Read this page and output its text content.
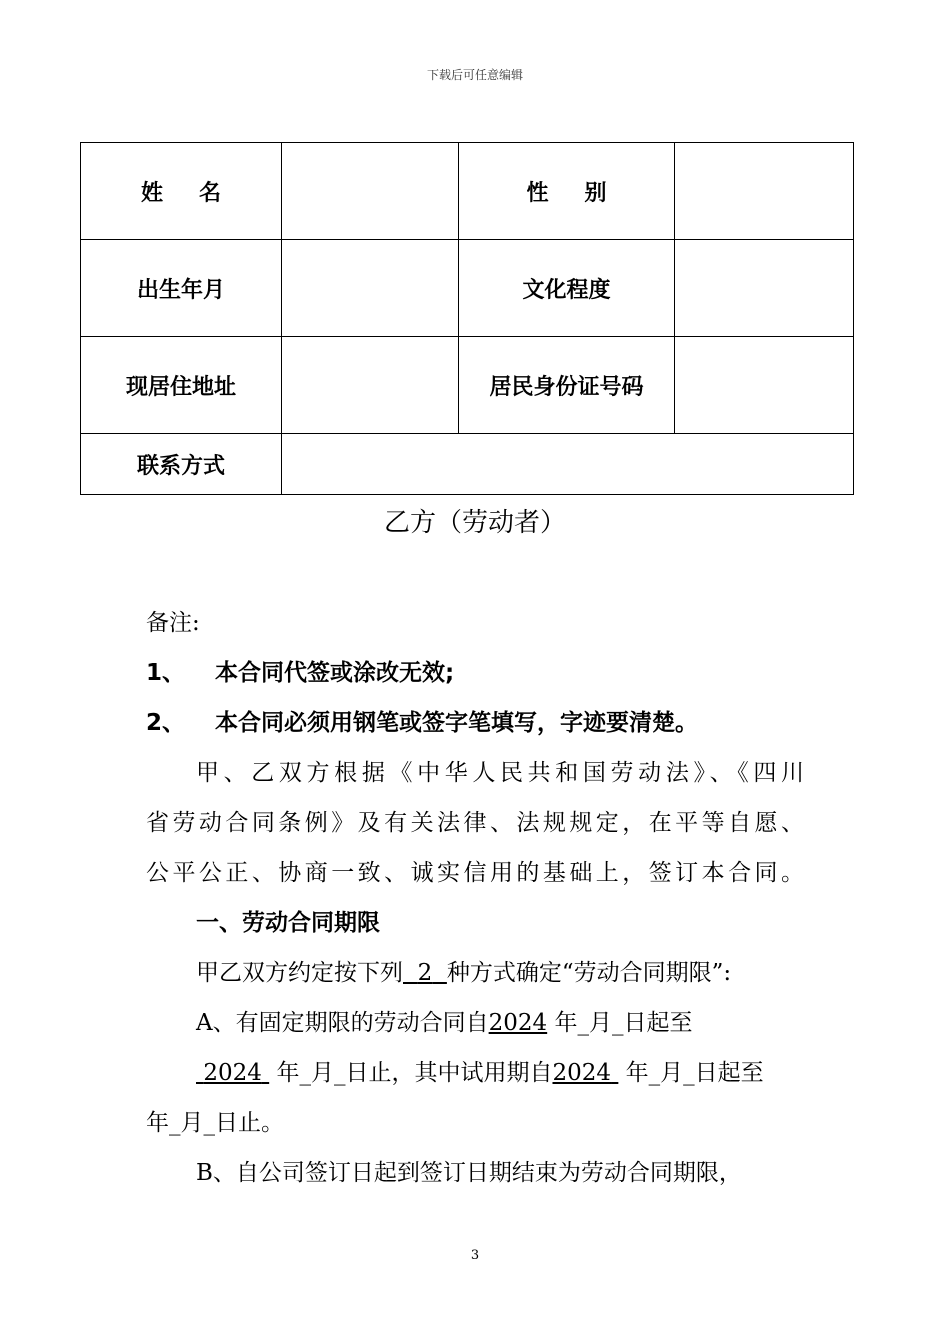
下载后可任意编辑
姓名		性别	
出生年月		文化程度	
现居住地址		居民身份证号码	
联系方式			
乙方（劳动者）
备注:
1、 本合同代签或涂改无效;
2、 本合同必须用钢笔或签字笔填写，字迹要清楚。
甲、乙双方根据《中华人民共和国劳动法》、《四川
省劳动合同条例》及有关法律、法规规定，在平等自愿、
公平公正、协商一致、诚实信用的基础上，签订本合同。
一、劳动合同期限
甲乙双方约定按下列 2 种方式确定“劳动合同期限”:
A、有固定期限的劳动合同自2024 年_月_日起至
2024 年_月_日止，其中试用期自2024 年_月_日起至
年_月_日止。
B、自公司签订日起到签订日期结束为劳动合同期限，
3
